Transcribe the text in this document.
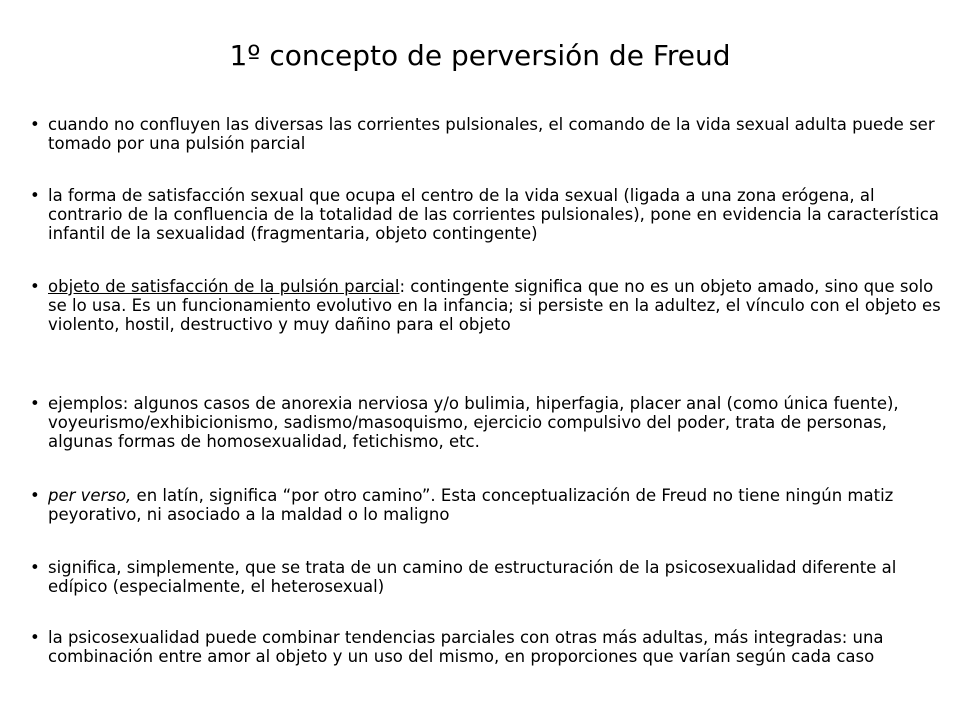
1º concepto de perversión de Freud
• cuando no confluyen las diversas las corrientes pulsionales, el comando de la vida sexual adulta puede ser tomado por una pulsión parcial
• la forma de satisfacción sexual que ocupa el centro de la vida sexual (ligada a una zona erógena, al contrario de la confluencia de la totalidad de las corrientes pulsionales), pone en evidencia la característica infantil de la sexualidad (fragmentaria, objeto contingente)
• objeto de satisfacción de la pulsión parcial: contingente significa que no es un objeto amado, sino que solo se lo usa. Es un funcionamiento evolutivo en la infancia; si persiste en la adultez, el vínculo con el objeto es violento, hostil, destructivo y muy dañino para el objeto
• ejemplos: algunos casos de anorexia nerviosa y/o bulimia, hiperfagia, placer anal (como única fuente), voyeurismo/exhibicionismo, sadismo/masoquismo, ejercicio compulsivo del poder, trata de personas, algunas formas de homosexualidad, fetichismo, etc.
• per verso, en latín, significa “por otro camino”. Esta conceptualización de Freud no tiene ningún matiz peyorativo, ni asociado a la maldad o lo maligno
• significa, simplemente, que se trata de un camino de estructuración de la psicosexualidad diferente al edípico (especialmente, el heterosexual)
• la psicosexualidad puede combinar tendencias parciales con otras más adultas, más integradas: una combinación entre amor al objeto y un uso del mismo, en proporciones que varían según cada caso
